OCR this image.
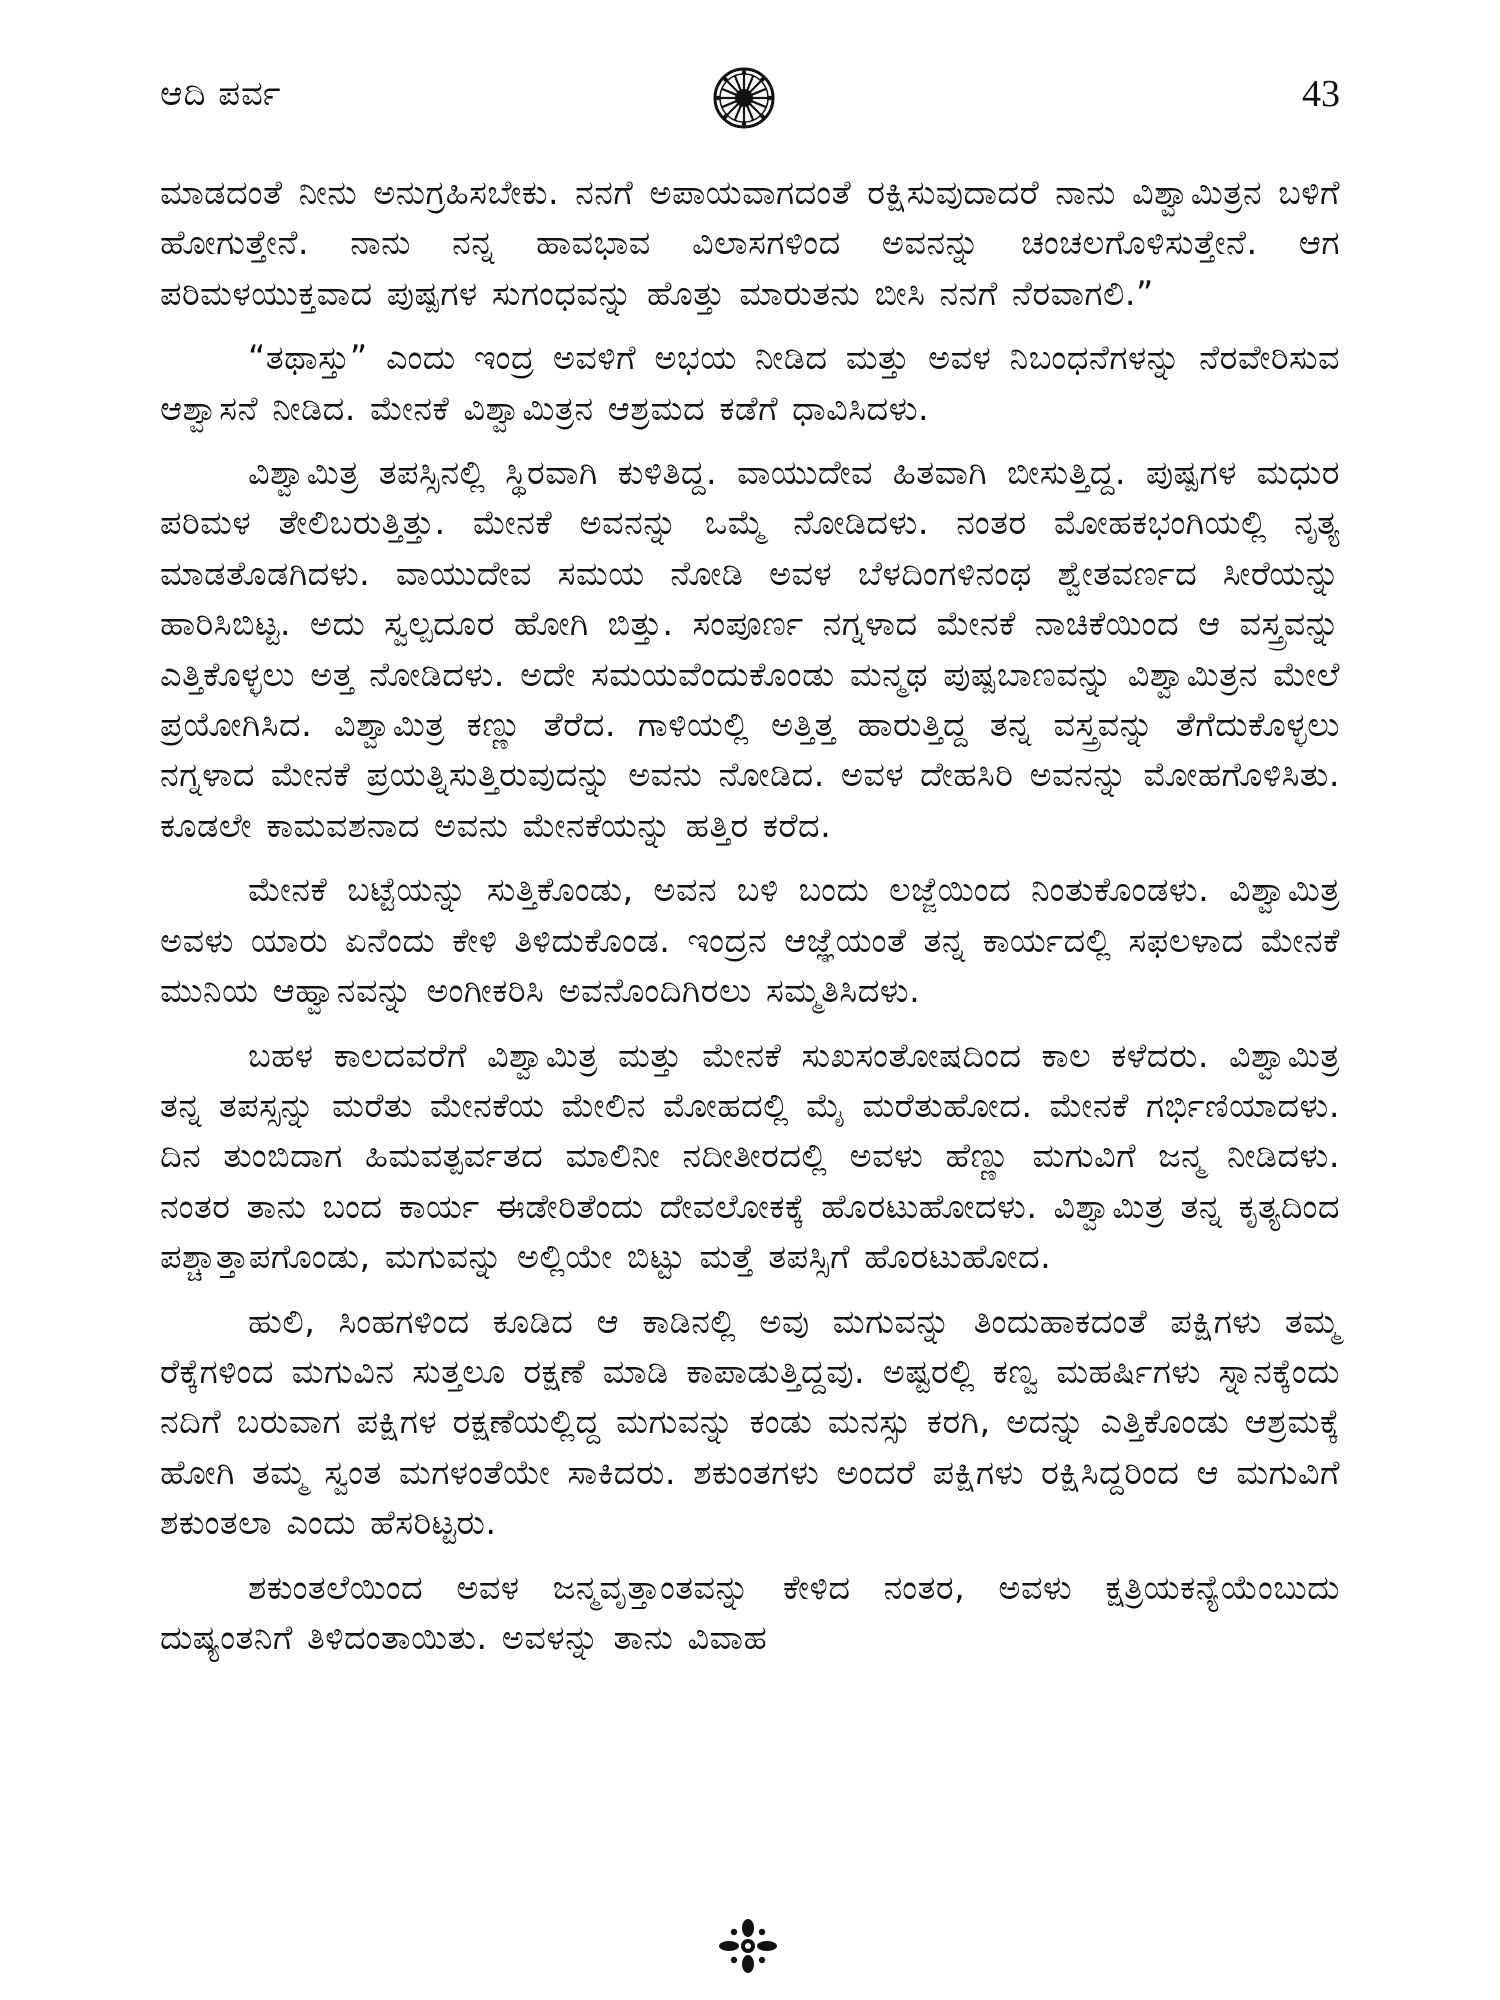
ಆದಿ ಪರ್ವ	43

ಮಾಡದಂತೆ ನೀನು ಅನುಗ್ರಹಿಸಬೇಕು. ನನಗೆ ಅಪಾಯವಾಗದಂತೆ ರಕ್ಷಿಸುವುದಾದರೆ ನಾನು ವಿಶ್ವಾಮಿತ್ರನ ಬಳಿಗೆ ಹೋಗುತ್ತೇನೆ. ನಾನು ನನ್ನ ಹಾವಭಾವ ವಿಲಾಸಗಳಿಂದ ಅವನನ್ನು ಚಂಚಲಗೊಳಿಸುತ್ತೇನೆ. ಆಗ ಪರಿಮಳಯುಕ್ತವಾದ ಪುಷ್ಪಗಳ ಸುಗಂಧವನ್ನು ಹೊತ್ತು ಮಾರುತನು ಬೀಸಿ ನನಗೆ ನೆರವಾಗಲಿ.”

“ತಥಾಸ್ತು” ಎಂದು ಇಂದ್ರ ಅವಳಿಗೆ ಅಭಯ ನೀಡಿದ ಮತ್ತು ಅವಳ ನಿಬಂಧನೆಗಳನ್ನು ನೆರವೇರಿಸುವ ಆಶ್ವಾಸನೆ ನೀಡಿದ. ಮೇನಕೆ ವಿಶ್ವಾಮಿತ್ರನ ಆಶ್ರಮದ ಕಡೆಗೆ ಧಾವಿಸಿದಳು.

ವಿಶ್ವಾಮಿತ್ರ ತಪಸ್ಸಿನಲ್ಲಿ ಸ್ಥಿರವಾಗಿ ಕುಳಿತಿದ್ದ. ವಾಯುದೇವ ಹಿತವಾಗಿ ಬೀಸುತ್ತಿದ್ದ. ಪುಷ್ಪಗಳ ಮಧುರ ಪರಿಮಳ ತೇಲಿಬರುತ್ತಿತ್ತು. ಮೇನಕೆ ಅವನನ್ನು ಒಮ್ಮೆ ನೋಡಿದಳು. ನಂತರ ಮೋಹಕಭಂಗಿಯಲ್ಲಿ ನೃತ್ಯ ಮಾಡತೊಡಗಿದಳು. ವಾಯುದೇವ ಸಮಯ ನೋಡಿ ಅವಳ ಬೆಳದಿಂಗಳಿನಂಥ ಶ್ವೇತವರ್ಣದ ಸೀರೆಯನ್ನು ಹಾರಿಸಿಬಿಟ್ಟ. ಅದು ಸ್ವಲ್ಪದೂರ ಹೋಗಿ ಬಿತ್ತು. ಸಂಪೂರ್ಣ ನಗ್ನಳಾದ ಮೇನಕೆ ನಾಚಿಕೆಯಿಂದ ಆ ವಸ್ತ್ರವನ್ನು ಎತ್ತಿಕೊಳ್ಳಲು ಅತ್ತ ನೋಡಿದಳು. ಅದೇ ಸಮಯವೆಂದುಕೊಂಡು ಮನ್ಮಥ ಪುಷ್ಪಬಾಣವನ್ನು ವಿಶ್ವಾಮಿತ್ರನ ಮೇಲೆ ಪ್ರಯೋಗಿಸಿದ. ವಿಶ್ವಾಮಿತ್ರ ಕಣ್ಣು ತೆರೆದ. ಗಾಳಿಯಲ್ಲಿ ಅತ್ತಿತ್ತ ಹಾರುತ್ತಿದ್ದ ತನ್ನ ವಸ್ತ್ರವನ್ನು ತೆಗೆದುಕೊಳ್ಳಲು ನಗ್ನಳಾದ ಮೇನಕೆ ಪ್ರಯತ್ನಿಸುತ್ತಿರುವುದನ್ನು ಅವನು ನೋಡಿದ. ಅವಳ ದೇಹಸಿರಿ ಅವನನ್ನು ಮೋಹಗೊಳಿಸಿತು. ಕೂಡಲೇ ಕಾಮವಶನಾದ ಅವನು ಮೇನಕೆಯನ್ನು ಹತ್ತಿರ ಕರೆದ.

ಮೇನಕೆ ಬಟ್ಟೆಯನ್ನು ಸುತ್ತಿಕೊಂಡು, ಅವನ ಬಳಿ ಬಂದು ಲಜ್ಜೆಯಿಂದ ನಿಂತುಕೊಂಡಳು. ವಿಶ್ವಾಮಿತ್ರ ಅವಳು ಯಾರು ಏನೆಂದು ಕೇಳಿ ತಿಳಿದುಕೊಂಡ. ಇಂದ್ರನ ಆಜ್ಞೆಯಂತೆ ತನ್ನ ಕಾರ್ಯದಲ್ಲಿ ಸಫಲಳಾದ ಮೇನಕೆ ಮುನಿಯ ಆಹ್ವಾನವನ್ನು ಅಂಗೀಕರಿಸಿ ಅವನೊಂದಿಗಿರಲು ಸಮ್ಮತಿಸಿದಳು.

ಬಹಳ ಕಾಲದವರೆಗೆ ವಿಶ್ವಾಮಿತ್ರ ಮತ್ತು ಮೇನಕೆ ಸುಖಸಂತೋಷದಿಂದ ಕಾಲ ಕಳೆದರು. ವಿಶ್ವಾಮಿತ್ರ ತನ್ನ ತಪಸ್ಸನ್ನು ಮರೆತು ಮೇನಕೆಯ ಮೇಲಿನ ಮೋಹದಲ್ಲಿ ಮೈ ಮರೆತುಹೋದ. ಮೇನಕೆ ಗರ್ಭಿಣಿಯಾದಳು. ದಿನ ತುಂಬಿದಾಗ ಹಿಮವತ್ಪರ್ವತದ ಮಾಲಿನೀ ನದೀತೀರದಲ್ಲಿ ಅವಳು ಹೆಣ್ಣು ಮಗುವಿಗೆ ಜನ್ಮ ನೀಡಿದಳು. ನಂತರ ತಾನು ಬಂದ ಕಾರ್ಯ ಈಡೇರಿತೆಂದು ದೇವಲೋಕಕ್ಕೆ ಹೊರಟುಹೋದಳು. ವಿಶ್ವಾಮಿತ್ರ ತನ್ನ ಕೃತ್ಯದಿಂದ ಪಶ್ಚಾತ್ತಾಪಗೊಂಡು, ಮಗುವನ್ನು ಅಲ್ಲಿಯೇ ಬಿಟ್ಟು ಮತ್ತೆ ತಪಸ್ಸಿಗೆ ಹೊರಟುಹೋದ.

ಹುಲಿ, ಸಿಂಹಗಳಿಂದ ಕೂಡಿದ ಆ ಕಾಡಿನಲ್ಲಿ ಅವು ಮಗುವನ್ನು ತಿಂದುಹಾಕದಂತೆ ಪಕ್ಷಿಗಳು ತಮ್ಮ ರೆಕ್ಕೆಗಳಿಂದ ಮಗುವಿನ ಸುತ್ತಲೂ ರಕ್ಷಣೆ ಮಾಡಿ ಕಾಪಾಡುತ್ತಿದ್ದವು. ಅಷ್ಟರಲ್ಲಿ ಕಣ್ವ ಮಹರ್ಷಿಗಳು ಸ್ನಾನಕ್ಕೆಂದು ನದಿಗೆ ಬರುವಾಗ ಪಕ್ಷಿಗಳ ರಕ್ಷಣೆಯಲ್ಲಿದ್ದ ಮಗುವನ್ನು ಕಂಡು ಮನಸ್ಸು ಕರಗಿ, ಅದನ್ನು ಎತ್ತಿಕೊಂಡು ಆಶ್ರಮಕ್ಕೆ ಹೋಗಿ ತಮ್ಮ ಸ್ವಂತ ಮಗಳಂತೆಯೇ ಸಾಕಿದರು. ಶಕುಂತಗಳು ಅಂದರೆ ಪಕ್ಷಿಗಳು ರಕ್ಷಿಸಿದ್ದರಿಂದ ಆ ಮಗುವಿಗೆ ಶಕುಂತಲಾ ಎಂದು ಹೆಸರಿಟ್ಟರು.

ಶಕುಂತಲೆಯಿಂದ ಅವಳ ಜನ್ಮವೃತ್ತಾಂತವನ್ನು ಕೇಳಿದ ನಂತರ, ಅವಳು ಕ್ಷತ್ರಿಯಕನ್ಯೆಯೆಂಬುದು ದುಷ್ಯಂತನಿಗೆ ತಿಳಿದಂತಾಯಿತು. ಅವಳನ್ನು ತಾನು ವಿವಾಹ
